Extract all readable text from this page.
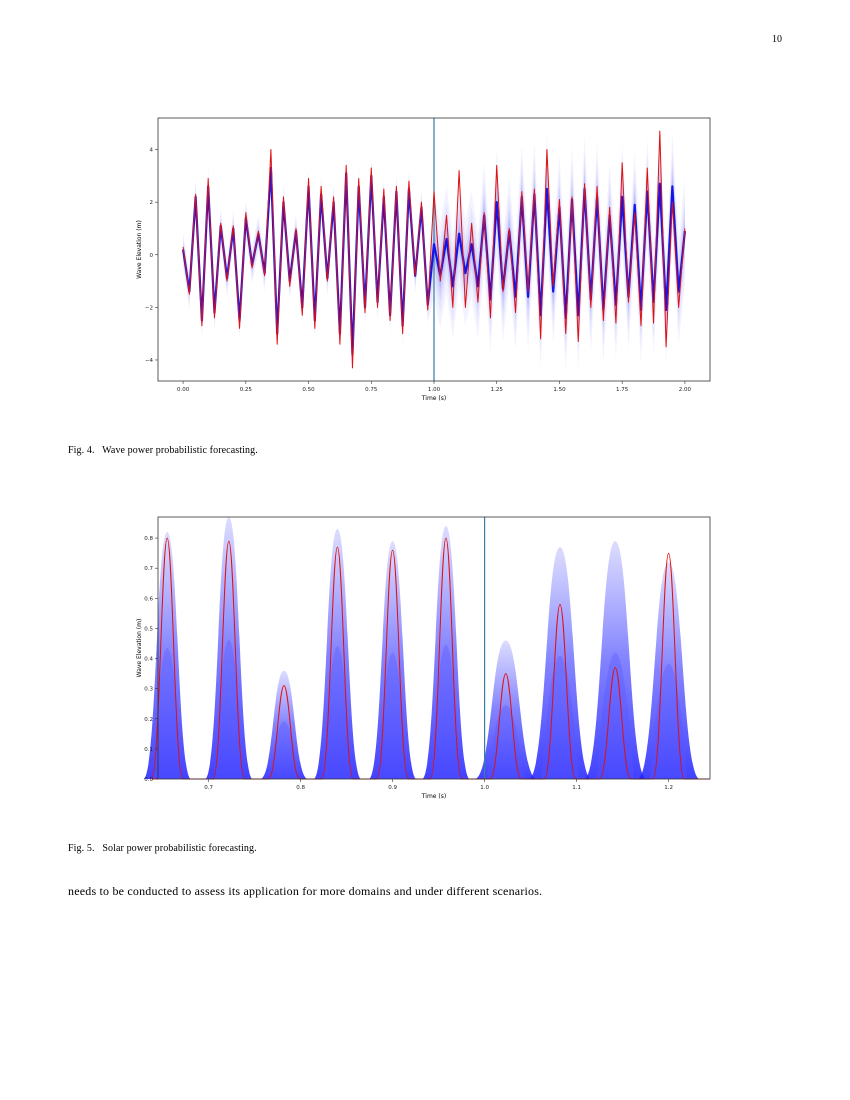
10
0.00	0.25	0.50	0.75	1.00	1.25	1.50	1.75	2.00
−4
−2
0
2
4
Time (s)
Wave Elevation (m)
Fig. 4. Wave power probabilistic forecasting.
0.7	0.8	0.9	1.0	1.1	1.2
0.0
0.1
0.2
0.3
0.4
0.5
0.6
0.7
0.8
Time (s)
Wave Elevation (m)
Fig. 5. Solar power probabilistic forecasting.
needs to be conducted to assess its application for more domains and under different scenarios.
